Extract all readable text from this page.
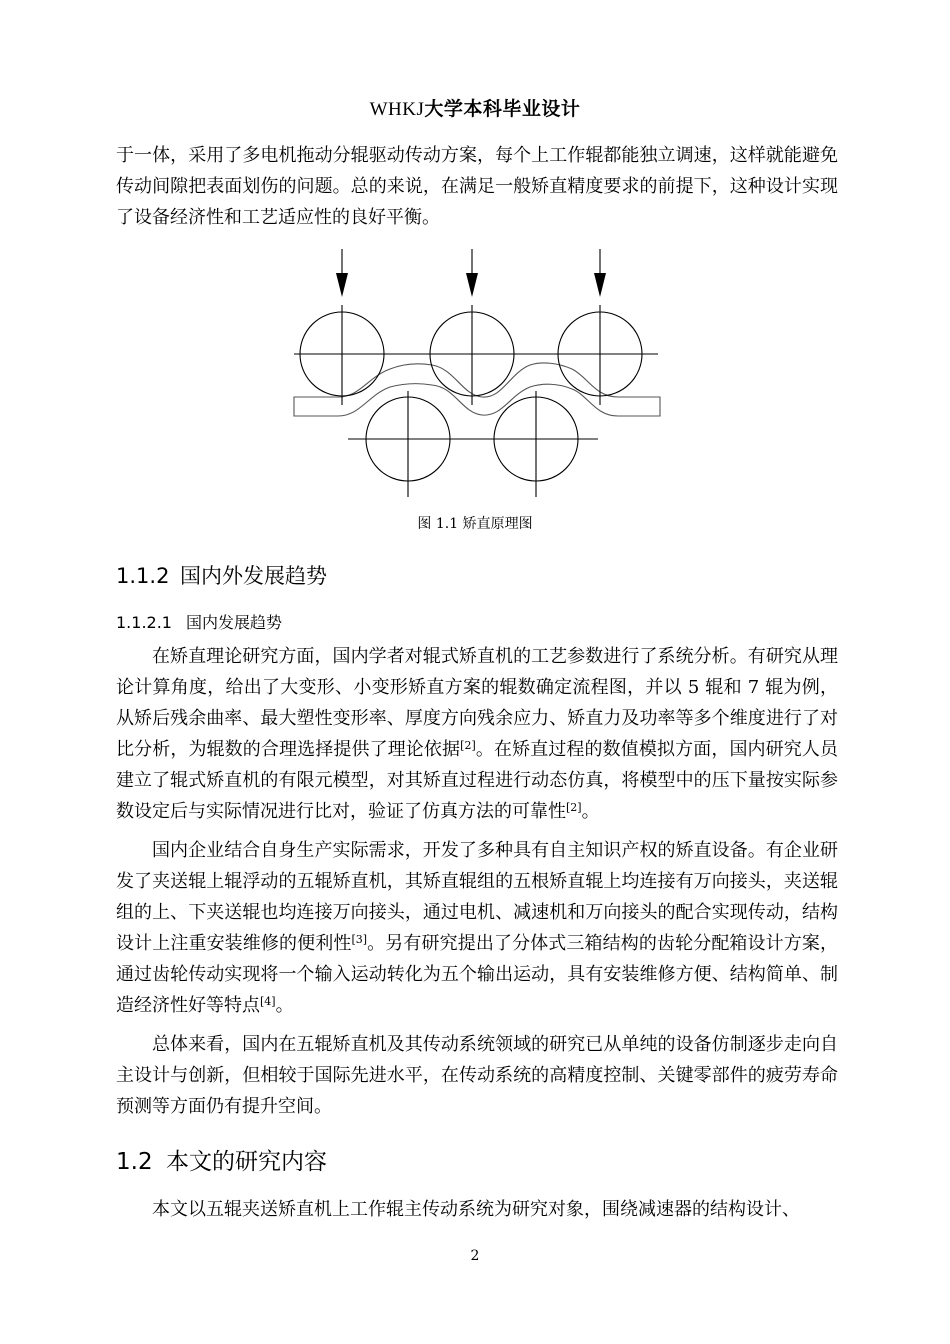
WHKJ大学本科毕业设计

于一体，采用了多电机拖动分辊驱动传动方案，每个上工作辊都能独立调速，这样就能避免传动间隙把表面划伤的问题。总的来说，在满足一般矫直精度要求的前提下，这种设计实现了设备经济性和工艺适应性的良好平衡。

图 1.1 矫直原理图
1.1.2 国内外发展趋势
1.1.2.1 国内发展趋势

在矫直理论研究方面，国内学者对辊式矫直机的工艺参数进行了系统分析。有研究从理论计算角度，给出了大变形、小变形矫直方案的辊数确定流程图，并以 5 辊和 7 辊为例，从矫后残余曲率、最大塑性变形率、厚度方向残余应力、矫直力及功率等多个维度进行了对比分析，为辊数的合理选择提供了理论依据[2]。在矫直过程的数值模拟方面，国内研究人员建立了辊式矫直机的有限元模型，对其矫直过程进行动态仿真，将模型中的压下量按实际参数设定后与实际情况进行比对，验证了仿真方法的可靠性[2]。

国内企业结合自身生产实际需求，开发了多种具有自主知识产权的矫直设备。有企业研发了夹送辊上辊浮动的五辊矫直机，其矫直辊组的五根矫直辊上均连接有万向接头，夹送辊组的上、下夹送辊也均连接万向接头，通过电机、减速机和万向接头的配合实现传动，结构设计上注重安装维修的便利性[3]。另有研究提出了分体式三箱结构的齿轮分配箱设计方案，通过齿轮传动实现将一个输入运动转化为五个输出运动，具有安装维修方便、结构简单、制造经济性好等特点[4]。

总体来看，国内在五辊矫直机及其传动系统领域的研究已从单纯的设备仿制逐步走向自主设计与创新，但相较于国际先进水平，在传动系统的高精度控制、关键零部件的疲劳寿命预测等方面仍有提升空间。

1.2 本文的研究内容

本文以五辊夹送矫直机上工作辊主传动系统为研究对象，围绕减速器的结构设计、

2
